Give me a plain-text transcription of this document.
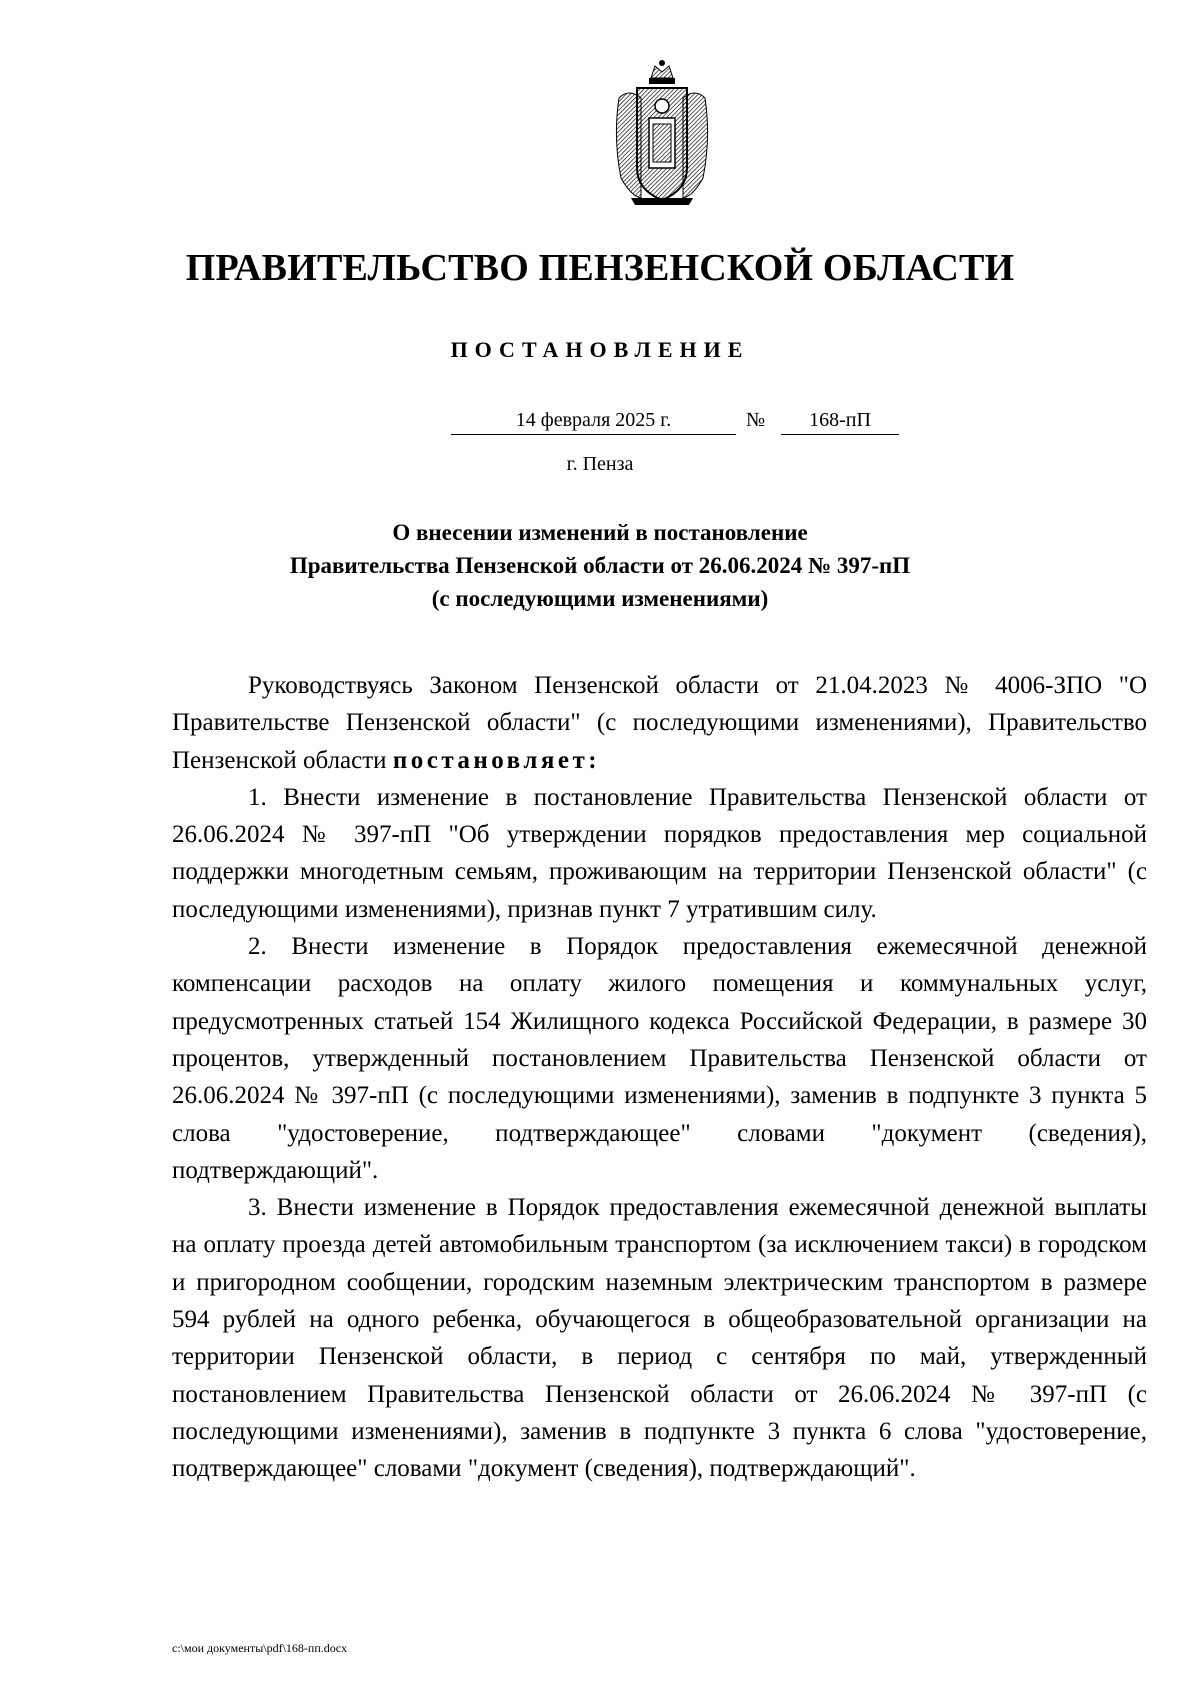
ПРАВИТЕЛЬСТВО ПЕНЗЕНСКОЙ ОБЛАСТИ
ПОСТАНОВЛЕНИЕ
14 февраля 2025 г.	№	168-пП
г. Пенза
О внесении изменений в постановление
Правительства Пензенской области от 26.06.2024 № 397-пП
(с последующими изменениями)

Руководствуясь Законом Пензенской области от 21.04.2023 № 4006-ЗПО "О Правительстве Пензенской области" (с последующими изменениями), Правительство Пензенской области постановляет:

1. Внести изменение в постановление Правительства Пензенской области от 26.06.2024 № 397-пП "Об утверждении порядков предоставления мер социальной поддержки многодетным семьям, проживающим на территории Пензенской области" (с последующими изменениями), признав пункт 7 утратившим силу.

2. Внести изменение в Порядок предоставления ежемесячной денежной компенсации расходов на оплату жилого помещения и коммунальных услуг, предусмотренных статьей 154 Жилищного кодекса Российской Федерации, в размере 30 процентов, утвержденный постановлением Правительства Пензенской области от 26.06.2024 № 397-пП (с последующими изменениями), заменив в подпункте 3 пункта 5 слова "удостоверение, подтверждающее" словами "документ (сведения), подтверждающий".

3. Внести изменение в Порядок предоставления ежемесячной денежной выплаты на оплату проезда детей автомобильным транспортом (за исключением такси) в городском и пригородном сообщении, городским наземным электрическим транспортом в размере 594 рублей на одного ребенка, обучающегося в общеобразовательной организации на территории Пензенской области, в период с сентября по май, утвержденный постановлением Правительства Пензенской области от 26.06.2024 № 397-пП (с последующими изменениями), заменив в подпункте 3 пункта 6 слова "удостоверение, подтверждающее" словами "документ (сведения), подтверждающий".

c:\мои документы\pdf\168-пп.docx
